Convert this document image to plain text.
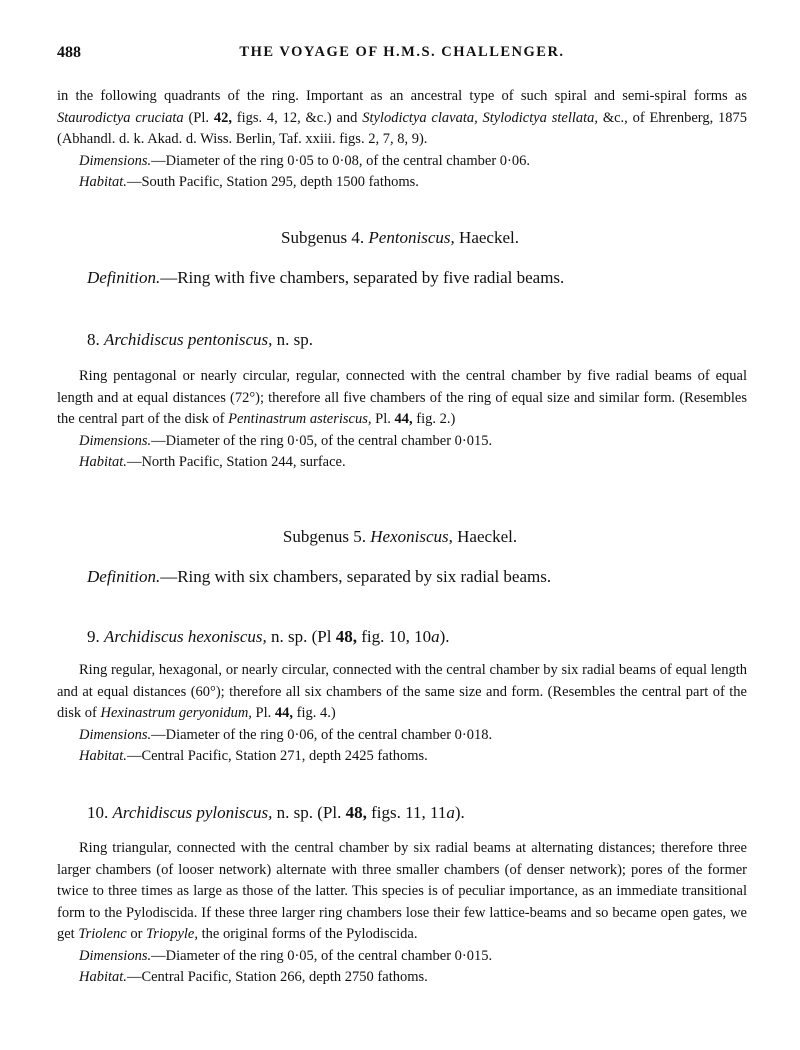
488	THE VOYAGE OF H.M.S. CHALLENGER.

in the following quadrants of the ring. Important as an ancestral type of such spiral and semi-spiral forms as Staurodictya cruciata (Pl. 42, figs. 4, 12, &c.) and Stylodictya clavata, Stylodictya stellata, &c., of Ehrenberg, 1875 (Abhandl. d. k. Akad. d. Wiss. Berlin, Taf. xxiii. figs. 2, 7, 8, 9).

Dimensions.—Diameter of the ring 0·05 to 0·08, of the central chamber 0·06.

Habitat.—South Pacific, Station 295, depth 1500 fathoms.

Subgenus 4. Pentoniscus, Haeckel.
Definition.—Ring with five chambers, separated by five radial beams.
8. Archidiscus pentoniscus, n. sp.

Ring pentagonal or nearly circular, regular, connected with the central chamber by five radial beams of equal length and at equal distances (72°); therefore all five chambers of the ring of equal size and similar form. (Resembles the central part of the disk of Pentinastrum asteriscus, Pl. 44, fig. 2.)

Dimensions.—Diameter of the ring 0·05, of the central chamber 0·015.

Habitat.—North Pacific, Station 244, surface.

Subgenus 5. Hexoniscus, Haeckel.
Definition.—Ring with six chambers, separated by six radial beams.
9. Archidiscus hexoniscus, n. sp. (Pl 48, fig. 10, 10a).

Ring regular, hexagonal, or nearly circular, connected with the central chamber by six radial beams of equal length and at equal distances (60°); therefore all six chambers of the same size and form. (Resembles the central part of the disk of Hexinastrum geryonidum, Pl. 44, fig. 4.)

Dimensions.—Diameter of the ring 0·06, of the central chamber 0·018.

Habitat.—Central Pacific, Station 271, depth 2425 fathoms.

10. Archidiscus pyloniscus, n. sp. (Pl. 48, figs. 11, 11a).

Ring triangular, connected with the central chamber by six radial beams at alternating distances; therefore three larger chambers (of looser network) alternate with three smaller chambers (of denser network); pores of the former twice to three times as large as those of the latter. This species is of peculiar importance, as an immediate transitional form to the Pylodiscida. If these three larger ring chambers lose their few lattice-beams and so became open gates, we get Triolenc or Triopyle, the original forms of the Pylodiscida.

Dimensions.—Diameter of the ring 0·05, of the central chamber 0·015.

Habitat.—Central Pacific, Station 266, depth 2750 fathoms.
